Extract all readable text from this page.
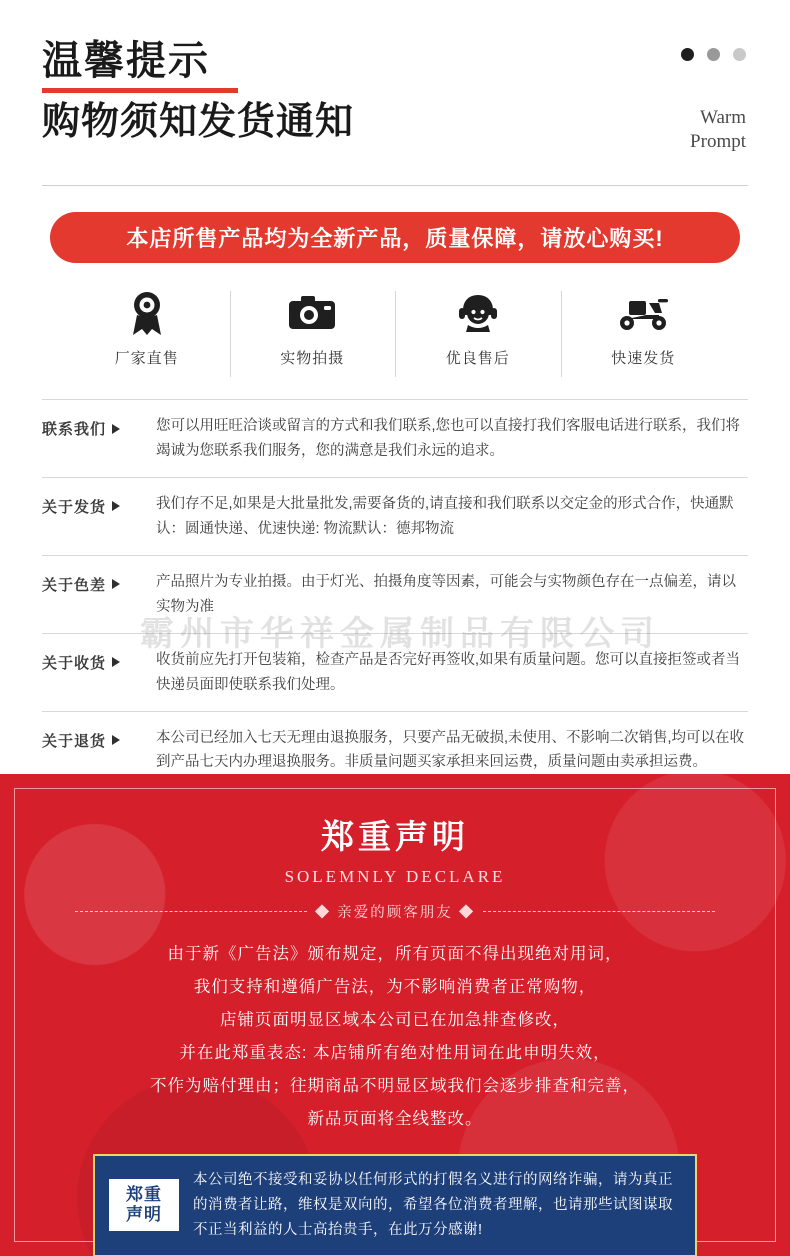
温馨提示
购物须知发货通知	Warm
Prompt
本店所售产品均为全新产品，质量保障，请放心购买!
厂家直售	实物拍摄	优良售后	快速发货
联系我们	您可以用旺旺洽谈或留言的方式和我们联系,您也可以直接打我们客服电话进行联系，我们将竭诚为您联系我们服务，您的满意是我们永远的追求。
关于发货	我们存不足,如果是大批量批发,需要备货的,请直接和我们联系以交定金的形式合作，快通默认：圆通快递、优速快递: 物流默认：德邦物流
关于色差	产品照片为专业拍摄。由于灯光、拍摄角度等因素，可能会与实物颜色存在一点偏差，请以实物为准
关于收货	收货前应先打开包装箱，检查产品是否完好再签收,如果有质量问题。您可以直接拒签或者当快递员面即使联系我们处理。
关于退货	本公司已经加入七天无理由退换服务，只要产品无破损,未使用、不影响二次销售,均可以在收到产品七天内办理退换服务。非质量问题买家承担来回运费，质量问题由卖承担运费。
霸州市华祥金属制品有限公司
郑重声明
SOLEMNLY DECLARE
◆ 亲爱的顾客朋友 ◆
由于新《广告法》颁布规定，所有页面不得出现绝对用词，
我们支持和遵循广告法，为不影响消费者正常购物，
店铺页面明显区域本公司已在加急排查修改，
并在此郑重表态: 本店铺所有绝对性用词在此申明失效，
不作为赔付理由；往期商品不明显区域我们会逐步排查和完善，
新品页面将全线整改。
郑重
声明
本公司绝不接受和妥协以任何形式的打假名义进行的网络诈骗，请为真正的消费者让路，维权是双向的，希望各位消费者理解，也请那些试图谋取不正当利益的人士高抬贵手，在此万分感谢!
